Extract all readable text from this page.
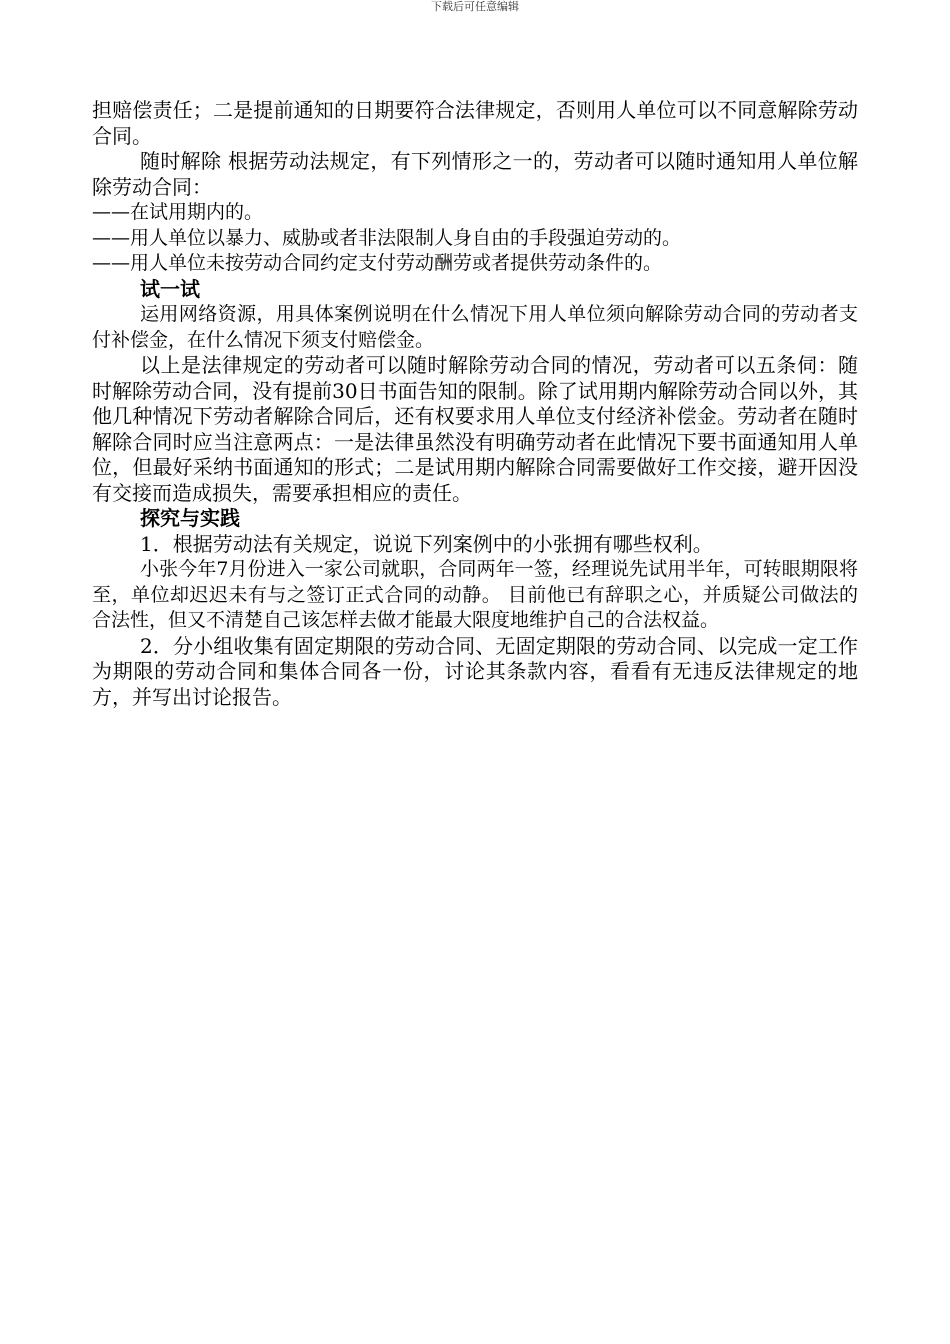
下载后可任意编辑

担赔偿责任；二是提前通知的日期要符合法律规定，否则用人单位可以不同意解除劳动合同。

随时解除 根据劳动法规定，有下列情形之一的，劳动者可以随时通知用人单位解除劳动合同：

——在试用期内的。

——用人单位以暴力、威胁或者非法限制人身自由的手段强迫劳动的。

——用人单位未按劳动合同约定支付劳动酬劳或者提供劳动条件的。

试一试

运用网络资源，用具体案例说明在什么情况下用人单位须向解除劳动合同的劳动者支付补偿金，在什么情况下须支付赔偿金。

以上是法律规定的劳动者可以随时解除劳动合同的情况，劳动者可以五条伺：随时解除劳动合同，没有提前30日书面告知的限制。除了试用期内解除劳动合同以外，其他几种情况下劳动者解除合同后，还有权要求用人单位支付经济补偿金。劳动者在随时解除合同时应当注意两点：一是法律虽然没有明确劳动者在此情况下要书面通知用人单位，但最好采纳书面通知的形式；二是试用期内解除合同需要做好工作交接，避开因没有交接而造成损失，需要承担相应的责任。

探究与实践

1．根据劳动法有关规定，说说下列案例中的小张拥有哪些权利。

小张今年7月份进入一家公司就职，合同两年一签，经理说先试用半年，可转眼期限将至，单位却迟迟未有与之签订正式合同的动静。 目前他已有辞职之心，并质疑公司做法的合法性，但又不清楚自己该怎样去做才能最大限度地维护自己的合法权益。

2．分小组收集有固定期限的劳动合同、无固定期限的劳动合同、以完成一定工作为期限的劳动合同和集体合同各一份，讨论其条款内容，看看有无违反法律规定的地方，并写出讨论报告。
